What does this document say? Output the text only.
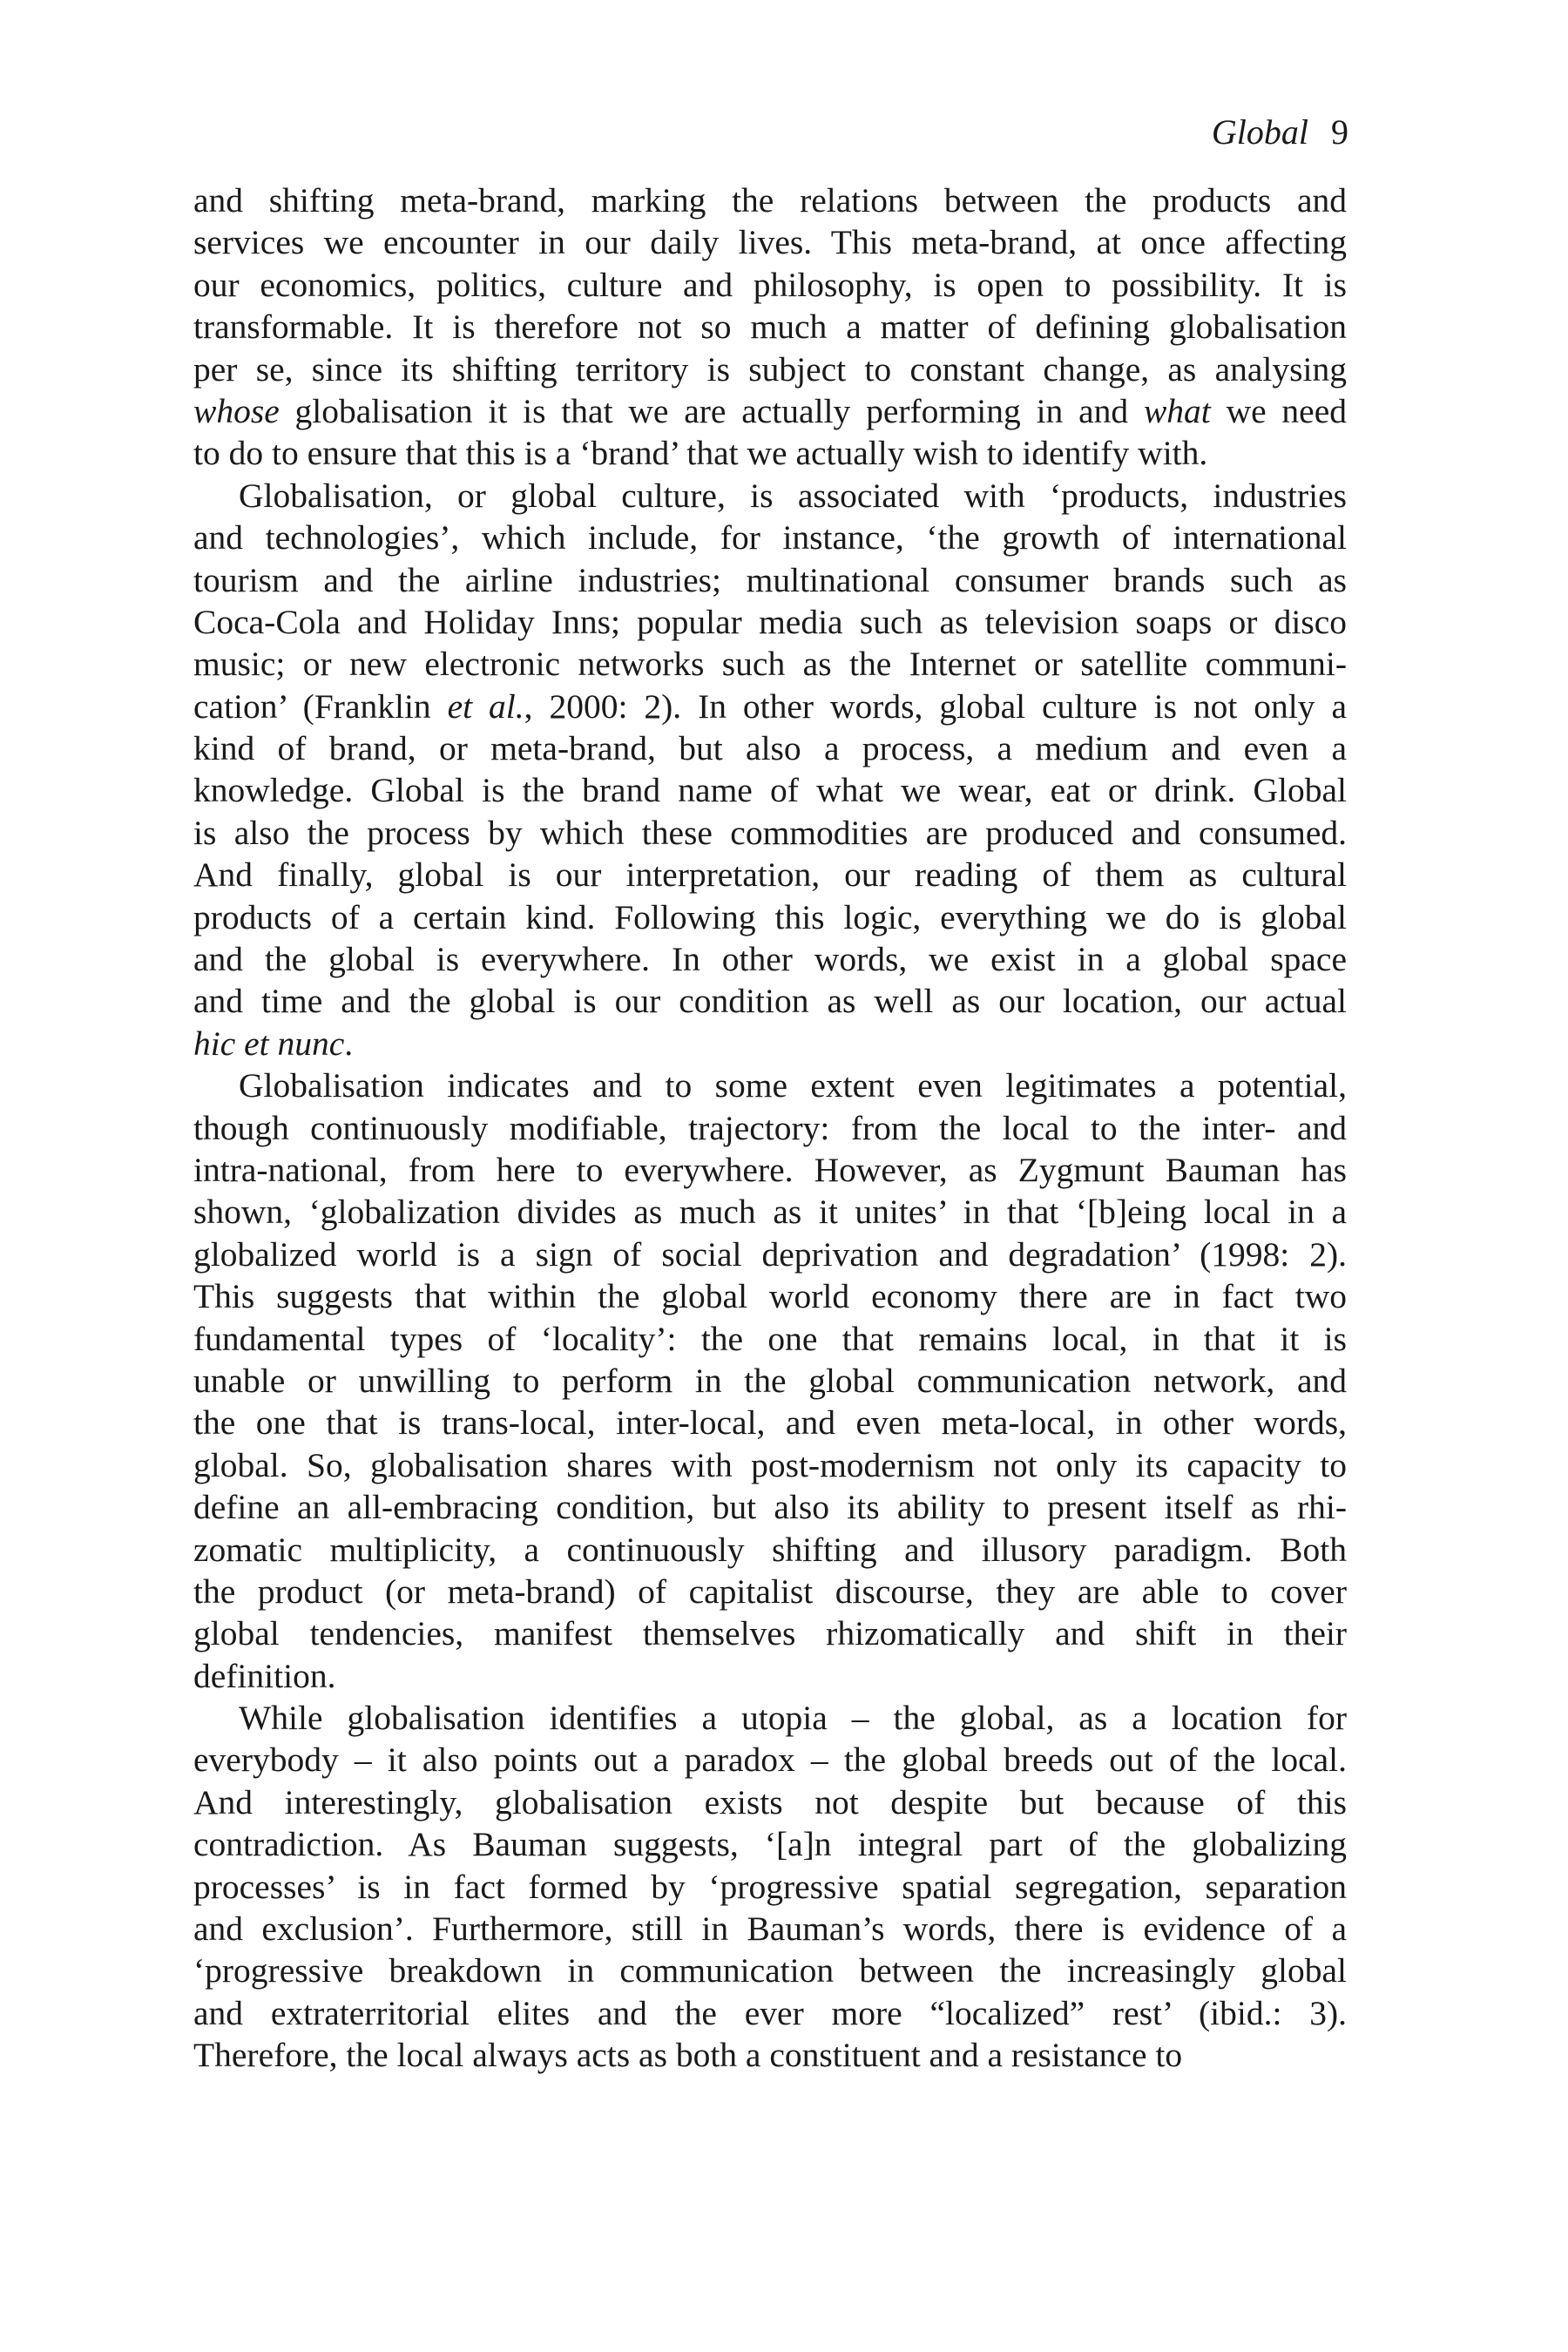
Global 9
and shifting meta-brand, marking the relations between the products and
services we encounter in our daily lives. This meta-brand, at once affecting
our economics, politics, culture and philosophy, is open to possibility. It is
transformable. It is therefore not so much a matter of defining globalisation
per se, since its shifting territory is subject to constant change, as analysing
whose globalisation it is that we are actually performing in and what we need
to do to ensure that this is a ‘brand’ that we actually wish to identify with.
Globalisation, or global culture, is associated with ‘products, industries
and technologies’, which include, for instance, ‘the growth of international
tourism and the airline industries; multinational consumer brands such as
Coca-Cola and Holiday Inns; popular media such as television soaps or disco
music; or new electronic networks such as the Internet or satellite communi-
cation’ (Franklin et al., 2000: 2). In other words, global culture is not only a
kind of brand, or meta-brand, but also a process, a medium and even a
knowledge. Global is the brand name of what we wear, eat or drink. Global
is also the process by which these commodities are produced and consumed.
And finally, global is our interpretation, our reading of them as cultural
products of a certain kind. Following this logic, everything we do is global
and the global is everywhere. In other words, we exist in a global space
and time and the global is our condition as well as our location, our actual
hic et nunc.
Globalisation indicates and to some extent even legitimates a potential,
though continuously modifiable, trajectory: from the local to the inter- and
intra-national, from here to everywhere. However, as Zygmunt Bauman has
shown, ‘globalization divides as much as it unites’ in that ‘[b]eing local in a
globalized world is a sign of social deprivation and degradation’ (1998: 2).
This suggests that within the global world economy there are in fact two
fundamental types of ‘locality’: the one that remains local, in that it is
unable or unwilling to perform in the global communication network, and
the one that is trans-local, inter-local, and even meta-local, in other words,
global. So, globalisation shares with post-modernism not only its capacity to
define an all-embracing condition, but also its ability to present itself as rhi-
zomatic multiplicity, a continuously shifting and illusory paradigm. Both
the product (or meta-brand) of capitalist discourse, they are able to cover
global tendencies, manifest themselves rhizomatically and shift in their
definition.
While globalisation identifies a utopia – the global, as a location for
everybody – it also points out a paradox – the global breeds out of the local.
And interestingly, globalisation exists not despite but because of this
contradiction. As Bauman suggests, ‘[a]n integral part of the globalizing
processes’ is in fact formed by ‘progressive spatial segregation, separation
and exclusion’. Furthermore, still in Bauman’s words, there is evidence of a
‘progressive breakdown in communication between the increasingly global
and extraterritorial elites and the ever more “localized” rest’ (ibid.: 3).
Therefore, the local always acts as both a constituent and a resistance to
